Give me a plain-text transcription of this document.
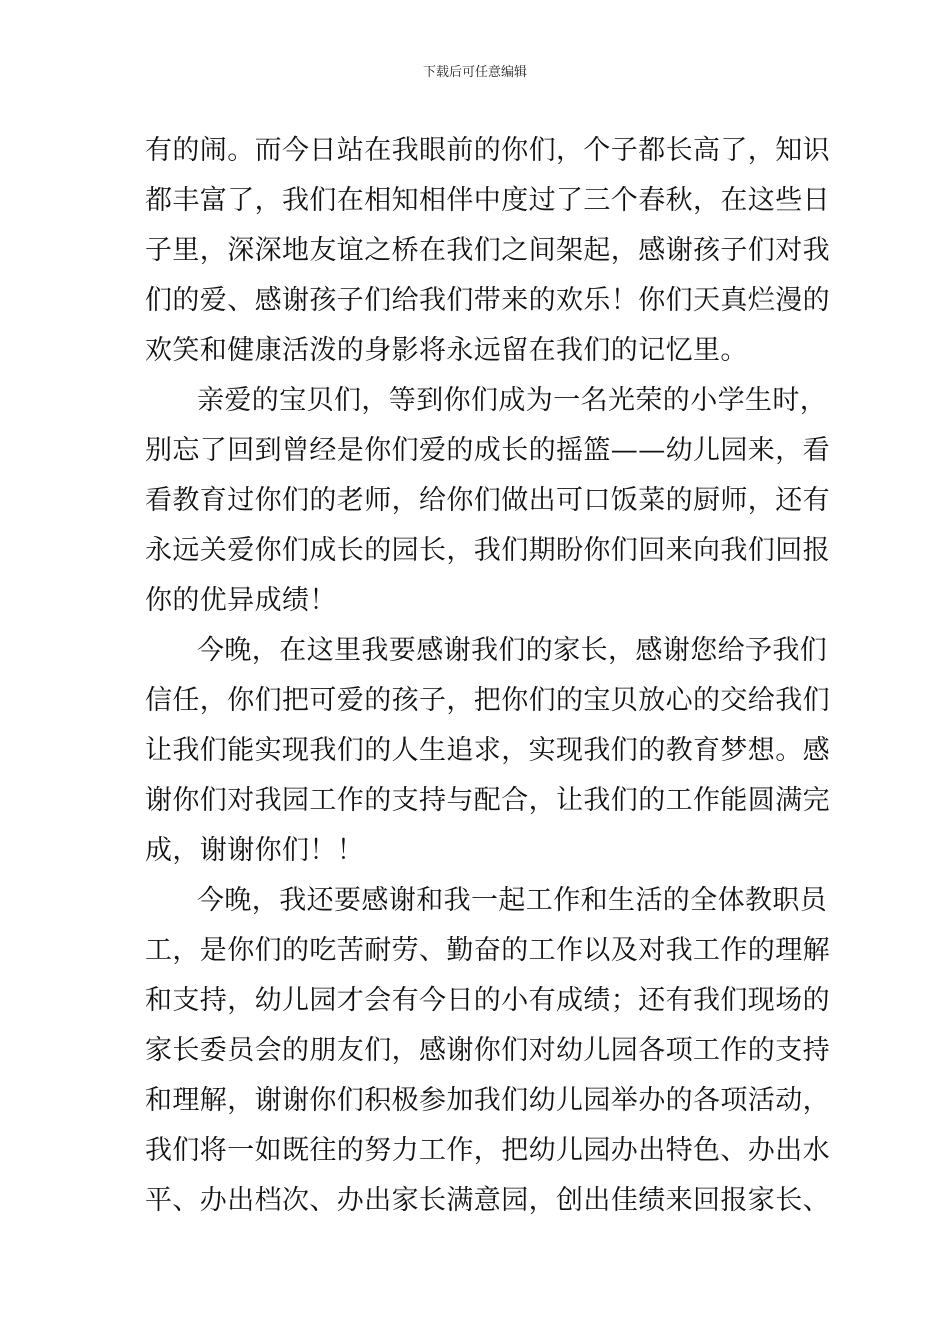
下载后可任意编辑
有的闹。而今日站在我眼前的你们，个子都长高了，知识
都丰富了，我们在相知相伴中度过了三个春秋，在这些日
子里，深深地友谊之桥在我们之间架起，感谢孩子们对我
们的爱、感谢孩子们给我们带来的欢乐！你们天真烂漫的
欢笑和健康活泼的身影将永远留在我们的记忆里。
亲爱的宝贝们，等到你们成为一名光荣的小学生时，
别忘了回到曾经是你们爱的成长的摇篮——幼儿园来，看
看教育过你们的老师，给你们做出可口饭菜的厨师，还有
永远关爱你们成长的园长，我们期盼你们回来向我们回报
你的优异成绩！
今晚，在这里我要感谢我们的家长，感谢您给予我们
信任，你们把可爱的孩子，把你们的宝贝放心的交给我们
让我们能实现我们的人生追求，实现我们的教育梦想。感
谢你们对我园工作的支持与配合，让我们的工作能圆满完
成，谢谢你们！！
今晚，我还要感谢和我一起工作和生活的全体教职员
工，是你们的吃苦耐劳、勤奋的工作以及对我工作的理解
和支持，幼儿园才会有今日的小有成绩；还有我们现场的
家长委员会的朋友们，感谢你们对幼儿园各项工作的支持
和理解，谢谢你们积极参加我们幼儿园举办的各项活动，
我们将一如既往的努力工作，把幼儿园办出特色、办出水
平、办出档次、办出家长满意园，创出佳绩来回报家长、
